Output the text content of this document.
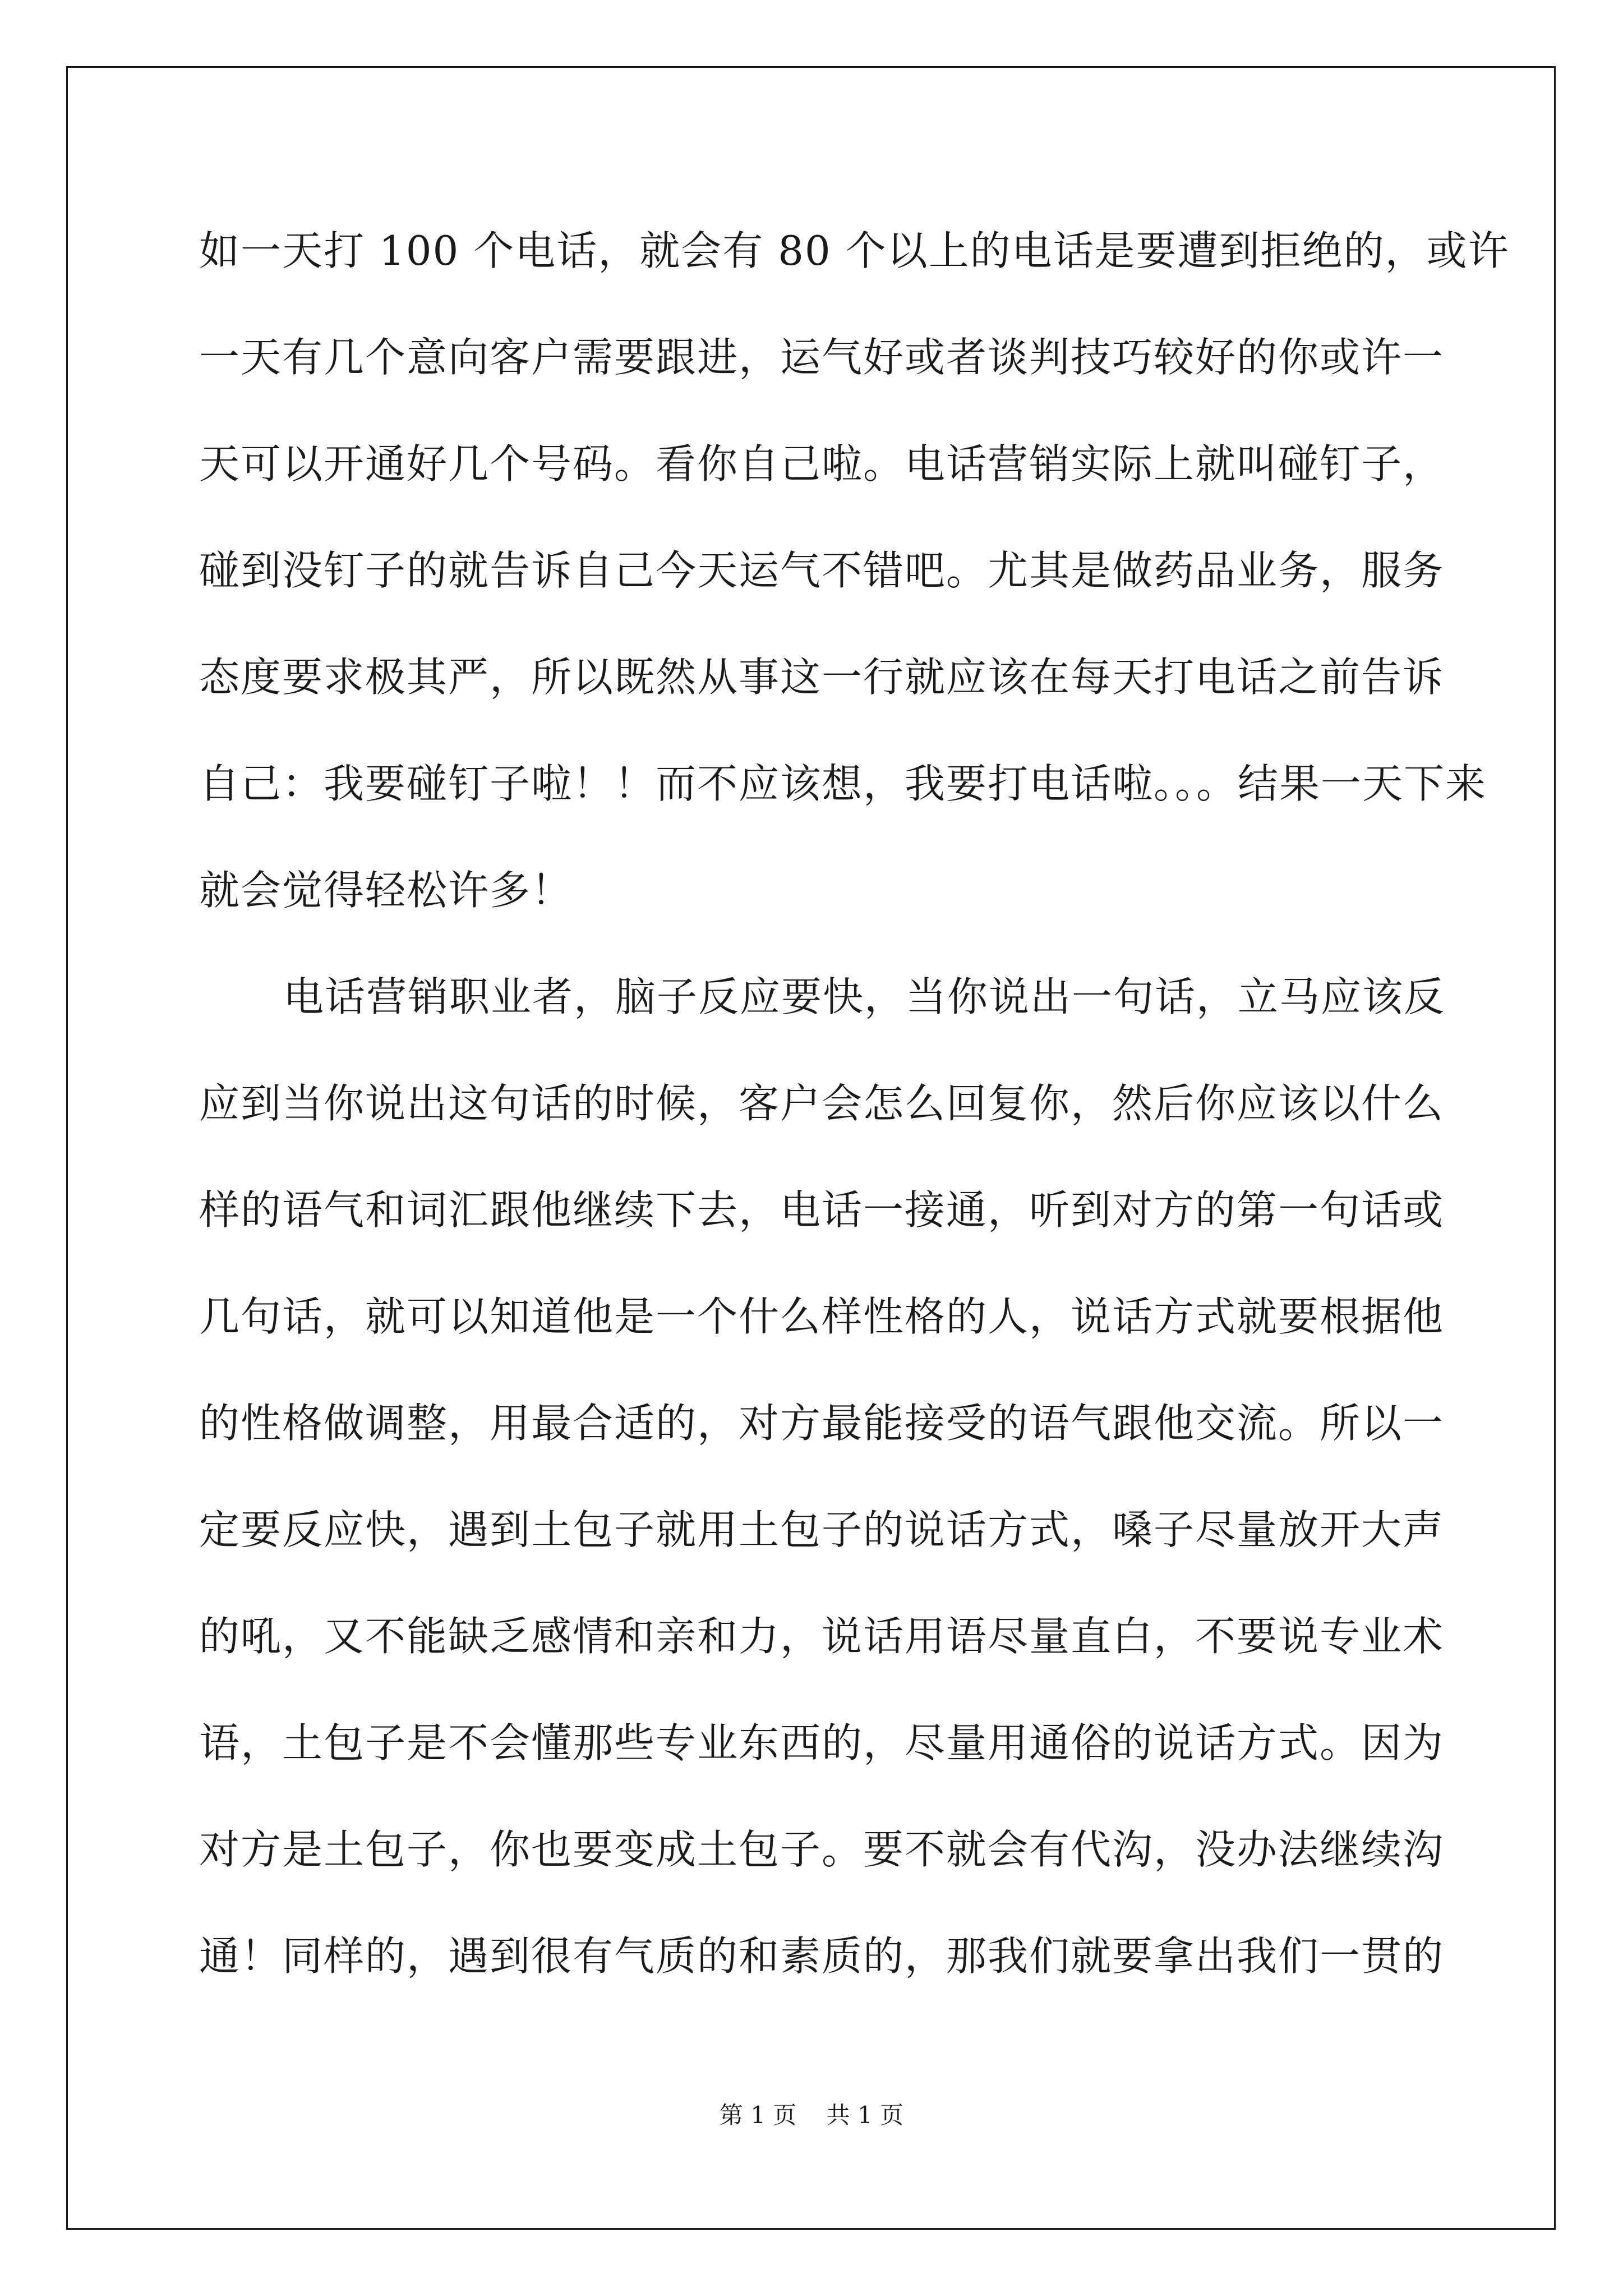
如一天打 100 个电话，就会有 80 个以上的电话是要遭到拒绝的，或许
一天有几个意向客户需要跟进，运气好或者谈判技巧较好的你或许一
天可以开通好几个号码。看你自己啦。电话营销实际上就叫碰钉子，
碰到没钉子的就告诉自己今天运气不错吧。尤其是做药品业务，服务
态度要求极其严，所以既然从事这一行就应该在每天打电话之前告诉
自己：我要碰钉子啦！！而不应该想，我要打电话啦。。。结果一天下来
就会觉得轻松许多！
电话营销职业者，脑子反应要快，当你说出一句话，立马应该反
应到当你说出这句话的时候，客户会怎么回复你，然后你应该以什么
样的语气和词汇跟他继续下去，电话一接通，听到对方的第一句话或
几句话，就可以知道他是一个什么样性格的人，说话方式就要根据他
的性格做调整，用最合适的，对方最能接受的语气跟他交流。所以一
定要反应快，遇到土包子就用土包子的说话方式，嗓子尽量放开大声
的吼，又不能缺乏感情和亲和力，说话用语尽量直白，不要说专业术
语，土包子是不会懂那些专业东西的，尽量用通俗的说话方式。因为
对方是土包子，你也要变成土包子。要不就会有代沟，没办法继续沟
通！同样的，遇到很有气质的和素质的，那我们就要拿出我们一贯的
第 1 页 共 1 页
